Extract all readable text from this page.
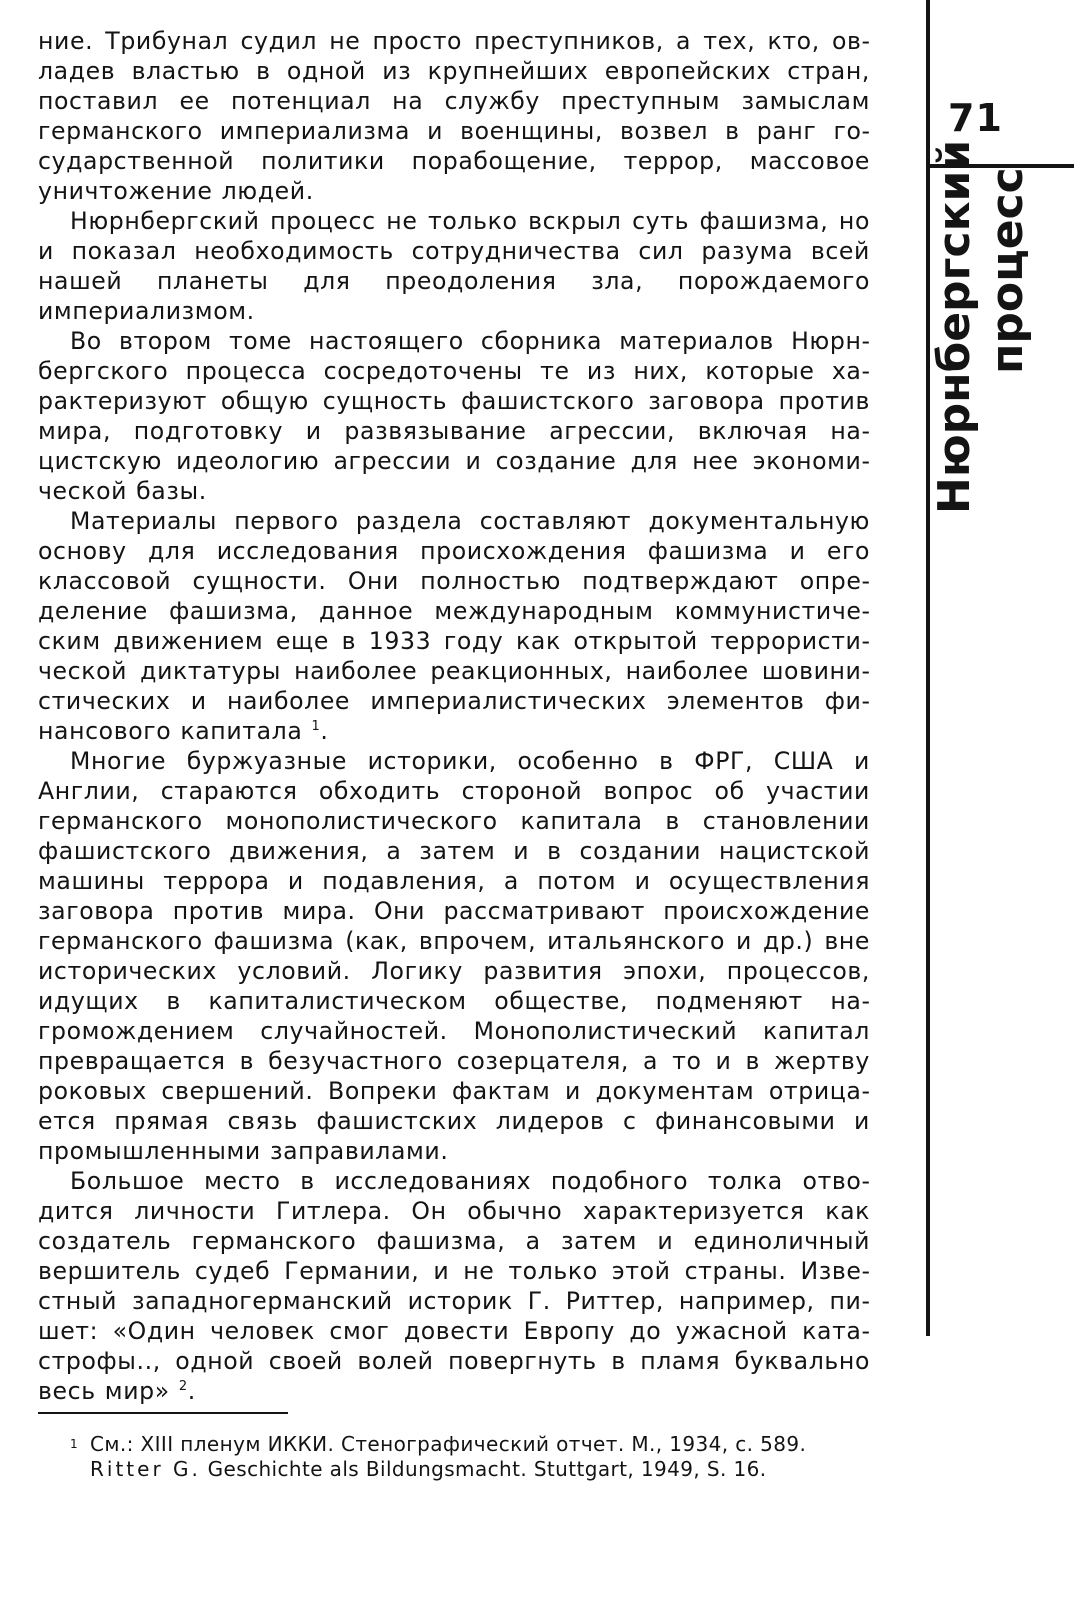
ние. Трибунал судил не просто преступников, а тех, кто, овладев властью в одной из крупнейших европейских стран, поставил ее потенциал на службу преступным замыслам германского империализма и военщины, возвел в ранг государственной политики порабощение, террор, массовое уничтожение людей.

Нюрнбергский процесс не только вскрыл суть фашизма, но и показал необходимость сотрудничества сил разума всей нашей планеты для преодоления зла, порождаемого империализмом.

Во втором томе настоящего сборника материалов Нюрнбергского процесса сосредоточены те из них, которые характеризуют общую сущность фашистского заговора против мира, подготовку и развязывание агрессии, включая нацистскую идеологию агрессии и создание для нее экономической базы.

Материалы первого раздела составляют документальную основу для исследования происхождения фашизма и его классовой сущности. Они полностью подтверждают определение фашизма, данное международным коммунистическим движением еще в 1933 году как открытой террористической диктатуры наиболее реакционных, наиболее шовинистических и наиболее империалистических элементов финансового капитала $^1$.

Многие буржуазные историки, особенно в ФРГ, США и Англии, стараются обходить стороной вопрос об участии германского монополистического капитала в становлении фашистского движения, а затем и в создании нацистской машины террора и подавления, а потом и осуществления заговора против мира. Они рассматривают происхождение германского фашизма (как, впрочем, итальянского и др.) вне исторических условий. Логику развития эпохи, процессов, идущих в капиталистическом обществе, подменяют нагромождением случайностей. Монополистический капитал превращается в безучастного созерцателя, а то и в жертву роковых свершений. Вопреки фактам и документам отрицается прямая связь фашистских лидеров с финансовыми и промышленными заправилами.

Большое место в исследованиях подобного толка отводится личности Гитлера. Он обычно характеризуется как создатель германского фашизма, а затем и единоличный вершитель судеб Германии, и не только этой страны. Известный западногерманский историк Г. Риттер, например, пишет: «Один человек смог довести Европу до ужасной катастрофы.., одной своей волей повергнуть в пламя буквально весь мир» $^2$.

71
Нюрнбергский процесс

1 См.: XIII пленум ИККИ. Стенографический отчет. М., 1934, с. 589.

Ritter G. Geschichte als Bildungsmacht. Stuttgart, 1949, S. 16.
